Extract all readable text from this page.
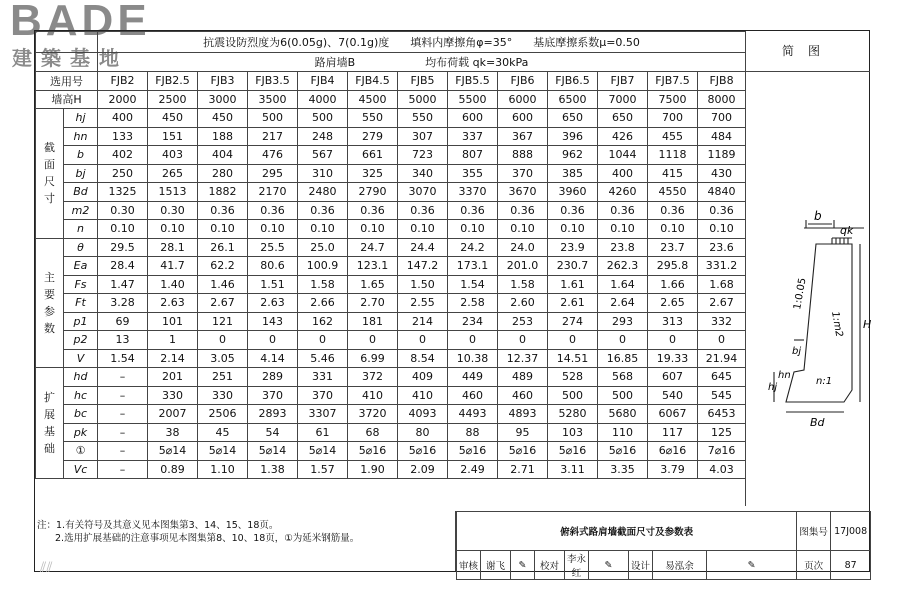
BADE
建築基地
		抗震设防烈度为6(0.05g)、7(0.1g)度 填料内摩擦角φ=35° 基底摩擦系数μ=0.50												
		路肩墙B 均布荷载 qk=30kPa												
选用号		FJB2	FJB2.5	FJB3	FJB3.5	FJB4	FJB4.5	FJB5	FJB5.5	FJB6	FJB6.5	FJB7	FJB7.5	FJB8
墙高H		2000	2500	3000	3500	4000	4500	5000	5500	6000	6500	7000	7500	8000
截面尺寸	hj	400	450	450	500	500	550	550	600	600	650	650	700	700
	hn	133	151	188	217	248	279	307	337	367	396	426	455	484
	b	402	403	404	476	567	661	723	807	888	962	1044	1118	1189
	bj	250	265	280	295	310	325	340	355	370	385	400	415	430
	Bd	1325	1513	1882	2170	2480	2790	3070	3370	3670	3960	4260	4550	4840
	m2	0.30	0.30	0.36	0.36	0.36	0.36	0.36	0.36	0.36	0.36	0.36	0.36	0.36
	n	0.10	0.10	0.10	0.10	0.10	0.10	0.10	0.10	0.10	0.10	0.10	0.10	0.10
主要参数	θ	29.5	28.1	26.1	25.5	25.0	24.7	24.4	24.2	24.0	23.9	23.8	23.7	23.6
	Ea	28.4	41.7	62.2	80.6	100.9	123.1	147.2	173.1	201.0	230.7	262.3	295.8	331.2
	Fs	1.47	1.40	1.46	1.51	1.58	1.65	1.50	1.54	1.58	1.61	1.64	1.66	1.68
	Ft	3.28	2.63	2.67	2.63	2.66	2.70	2.55	2.58	2.60	2.61	2.64	2.65	2.67
	p1	69	101	121	143	162	181	214	234	253	274	293	313	332
	p2	13	1	0	0	0	0	0	0	0	0	0	0	0
	V	1.54	2.14	3.05	4.14	5.46	6.99	8.54	10.38	12.37	14.51	16.85	19.33	21.94
扩展基础	hd	–	201	251	289	331	372	409	449	489	528	568	607	645
	hc	–	330	330	370	370	410	410	460	460	500	500	540	545
	bc	–	2007	2506	2893	3307	3720	4093	4493	4893	5280	5680	6067	6453
	pk	–	38	45	54	61	68	80	88	95	103	110	117	125
	①	–	5⌀14	5⌀14	5⌀14	5⌀14	5⌀16	5⌀16	5⌀16	5⌀16	5⌀16	5⌀16	6⌀16	7⌀16
	Vc	–	0.89	1.10	1.38	1.57	1.90	2.09	2.49	2.71	3.11	3.35	3.79	4.03
简图
b
qk
1:0.05
1:m2 H
bj
hj
hn
n:1
Bd
注：1.有关符号及其意义见本图集第3、14、15、18页。
2.选用扩展基础的注意事项见本图集第8、10、18页，①为延米钢筋量。
俯斜式路肩墙截面尺寸及参数表									图集号	17J008
审核	谢飞	✎	校对	李永红	✎	设计	易泓余	✎	页次	87
⫽⫽
